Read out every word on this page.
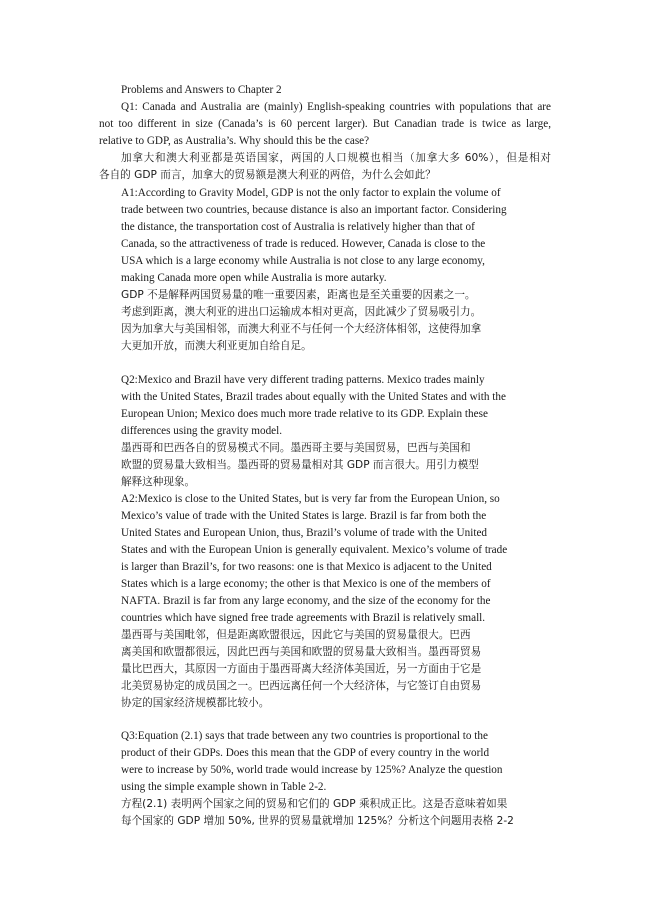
Problems and Answers to Chapter 2
Q1: Canada and Australia are (mainly) English-speaking countries with populations that are
not too different in size (Canada’s is 60 percent larger). But Canadian trade is twice as large,
relative to GDP, as Australia’s. Why should this be the case?
加拿大和澳大利亚都是英语国家，两国的人口规模也相当（加拿大多 60%），但是相对
各自的 GDP 而言，加拿大的贸易额是澳大利亚的两倍，为什么会如此？
A1:According to Gravity Model, GDP is not the only factor to explain the volume of
trade between two countries, because distance is also an important factor. Considering
the distance, the transportation cost of Australia is relatively higher than that of
Canada, so the attractiveness of trade is reduced. However, Canada is close to the
USA which is a large economy while Australia is not close to any large economy,
making Canada more open while Australia is more autarky.
GDP 不是解释两国贸易量的唯一重要因素，距离也是至关重要的因素之一。
考虑到距离，澳大利亚的进出口运输成本相对更高，因此减少了贸易吸引力。
因为加拿大与美国相邻，而澳大利亚不与任何一个大经济体相邻，这使得加拿
大更加开放，而澳大利亚更加自给自足。
Q2:Mexico and Brazil have very different trading patterns. Mexico trades mainly
with the United States, Brazil trades about equally with the United States and with the
European Union; Mexico does much more trade relative to its GDP. Explain these
differences using the gravity model.
墨西哥和巴西各自的贸易模式不同。墨西哥主要与美国贸易，巴西与美国和
欧盟的贸易量大致相当。墨西哥的贸易量相对其 GDP 而言很大。用引力模型
解释这种现象。
A2:Mexico is close to the United States, but is very far from the European Union, so
Mexico’s value of trade with the United States is large. Brazil is far from both the
United States and European Union, thus, Brazil’s volume of trade with the United
States and with the European Union is generally equivalent. Mexico’s volume of trade
is larger than Brazil’s, for two reasons: one is that Mexico is adjacent to the United
States which is a large economy; the other is that Mexico is one of the members of
NAFTA. Brazil is far from any large economy, and the size of the economy for the
countries which have signed free trade agreements with Brazil is relatively small.
墨西哥与美国毗邻，但是距离欧盟很远，因此它与美国的贸易量很大。巴西
离美国和欧盟都很远，因此巴西与美国和欧盟的贸易量大致相当。墨西哥贸易
量比巴西大，其原因一方面由于墨西哥离大经济体美国近，另一方面由于它是
北美贸易协定的成员国之一。巴西远离任何一个大经济体，与它签订自由贸易
协定的国家经济规模都比较小。
Q3:Equation (2.1) says that trade between any two countries is proportional to the
product of their GDPs. Does this mean that the GDP of every country in the world
were to increase by 50%, world trade would increase by 125%? Analyze the question
using the simple example shown in Table 2-2.
方程(2.1) 表明两个国家之间的贸易和它们的 GDP 乘积成正比。这是否意味着如果
每个国家的 GDP 增加 50%, 世界的贸易量就增加 125%？分析这个问题用表格 2-2
